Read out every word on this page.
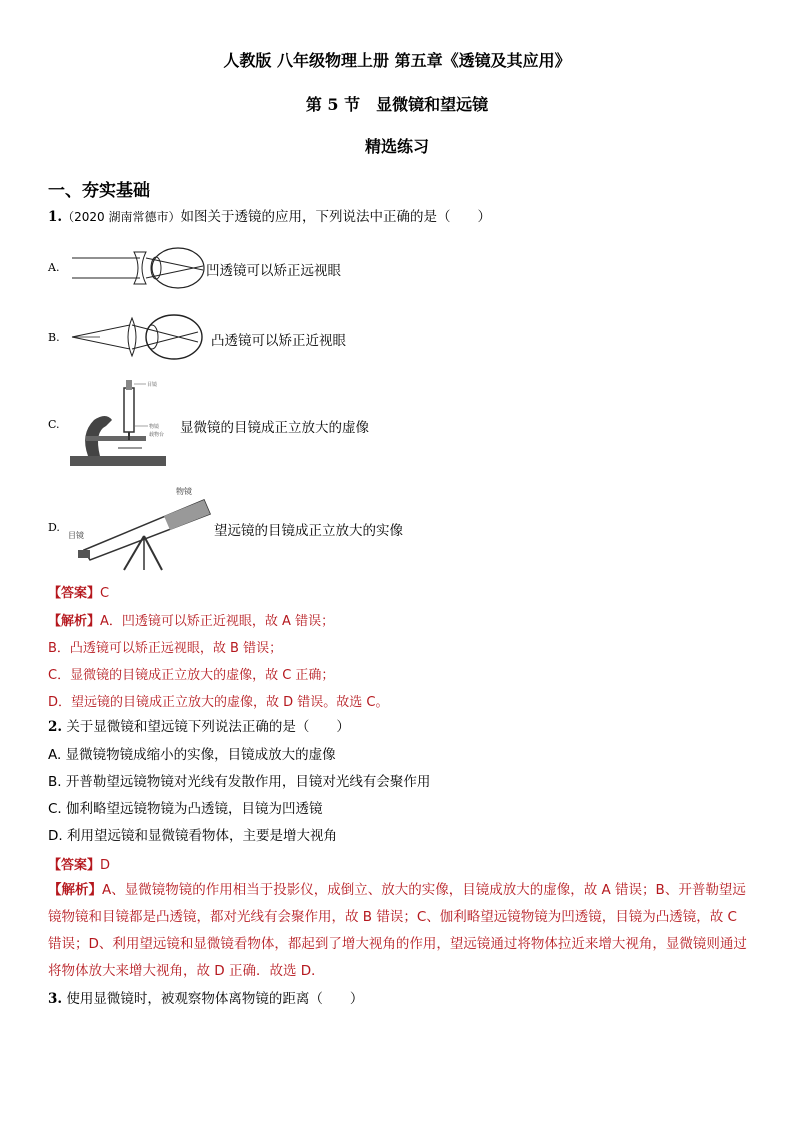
人教版 八年级物理上册 第五章《透镜及其应用》
第 5 节　显微镜和望远镜
精选练习
一、夯实基础
1.（2020 湖南常德市）如图关于透镜的应用，下列说法中正确的是（　　）
A.	凹透镜可以矫正远视眼
B.	凸透镜可以矫正近视眼
C.
目镜
物镜
载物台 显微镜的目镜成正立放大的虚像
D.
物镜
目镜	望远镜的目镜成正立放大的实像
【答案】C
【解析】A．凹透镜可以矫正近视眼，故 A 错误；
B．凸透镜可以矫正远视眼，故 B 错误；
C．显微镜的目镜成正立放大的虚像，故 C 正确；
D．望远镜的目镜成正立放大的虚像，故 D 错误。故选 C。
2. 关于显微镜和望远镜下列说法正确的是（　　）
A. 显微镜物镜成缩小的实像，目镜成放大的虚像
B. 开普勒望远镜物镜对光线有发散作用，目镜对光线有会聚作用
C. 伽利略望远镜物镜为凸透镜，目镜为凹透镜
D. 利用望远镜和显微镜看物体，主要是增大视角
【答案】D
【解析】A、显微镜物镜的作用相当于投影仪，成倒立、放大的实像，目镜成放大的虚像，故 A 错误；B、开普勒望远镜物镜和目镜都是凸透镜，都对光线有会聚作用，故 B 错误；C、伽利略望远镜物镜为凹透镜，目镜为凸透镜，故 C 错误；D、利用望远镜和显微镜看物体，都起到了增大视角的作用，望远镜通过将物体拉近来增大视角，显微镜则通过将物体放大来增大视角，故 D 正确．故选 D．
3. 使用显微镜时，被观察物体离物镜的距离（　　）
